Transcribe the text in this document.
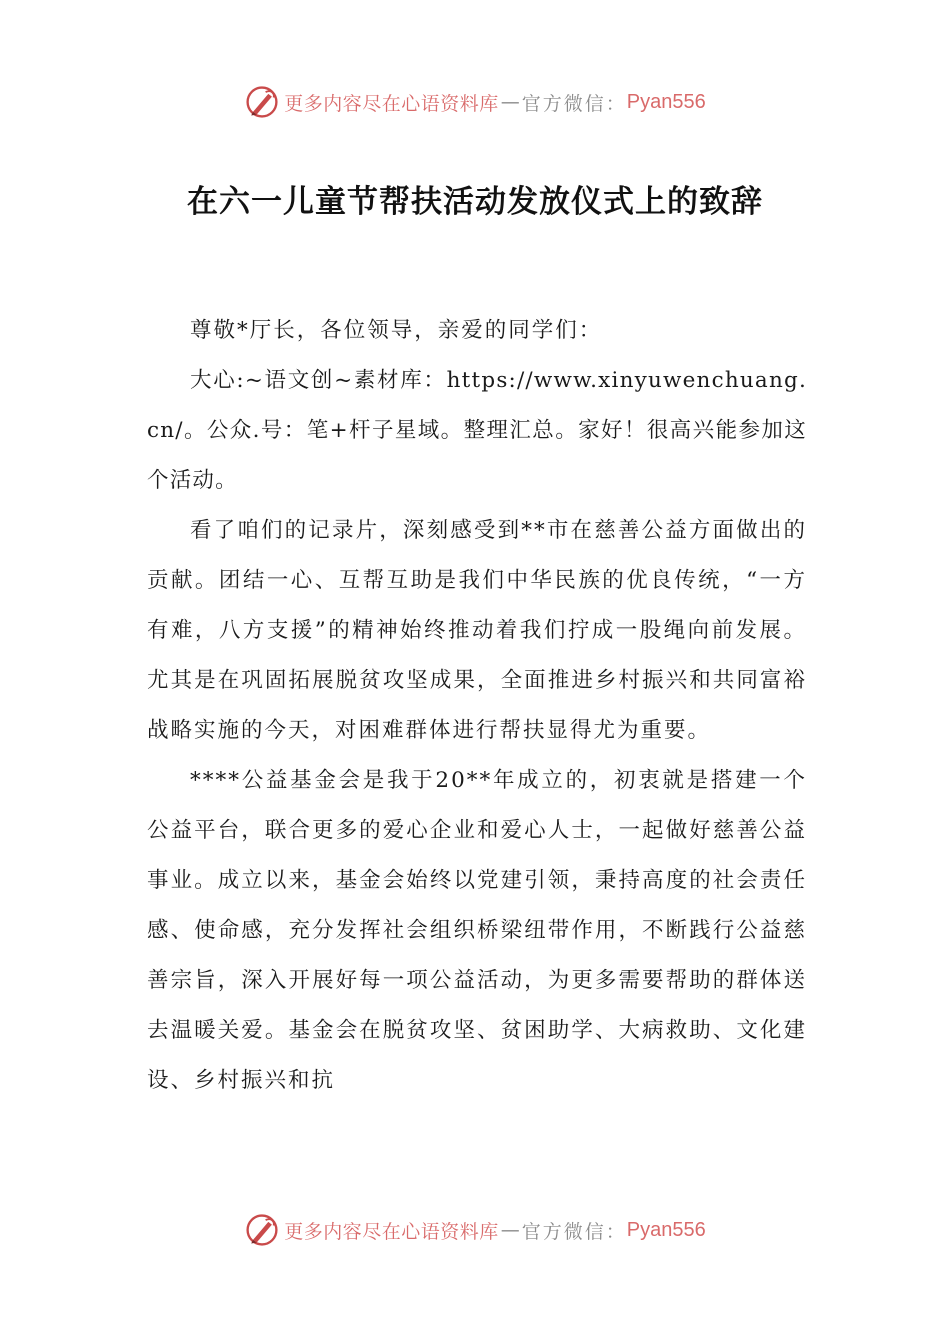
更多内容尽在心语资料库 — 官方微信： Pyan556
在六一儿童节帮扶活动发放仪式上的致辞

尊敬*厅长，各位领导，亲爱的同学们：

大心:~语文创~素材库：https://www.xinyuwenchuang.cn/。公众.号：笔+杆子星域。整理汇总。家好！很高兴能参加这个活动。

看了咱们的记录片，深刻感受到**市在慈善公益方面做出的贡献。团结一心、互帮互助是我们中华民族的优良传统，“一方有难，八方支援”的精神始终推动着我们拧成一股绳向前发展。尤其是在巩固拓展脱贫攻坚成果，全面推进乡村振兴和共同富裕战略实施的今天，对困难群体进行帮扶显得尤为重要。

****公益基金会是我于20**年成立的，初衷就是搭建一个公益平台，联合更多的爱心企业和爱心人士，一起做好慈善公益事业。成立以来，基金会始终以党建引领，秉持高度的社会责任感、使命感，充分发挥社会组织桥梁纽带作用，不断践行公益慈善宗旨，深入开展好每一项公益活动，为更多需要帮助的群体送去温暖关爱。基金会在脱贫攻坚、贫困助学、大病救助、文化建设、乡村振兴和抗

更多内容尽在心语资料库 — 官方微信： Pyan556
